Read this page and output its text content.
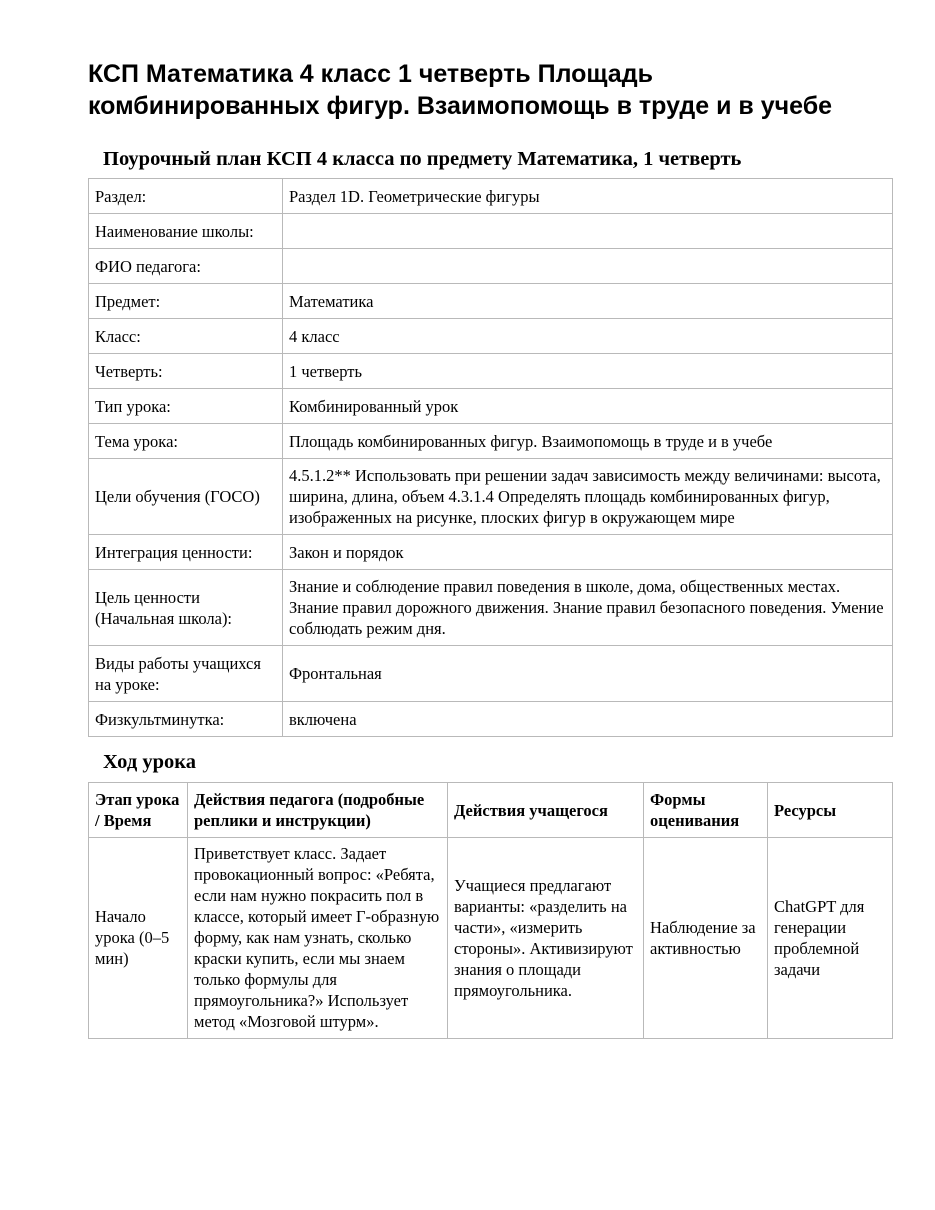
КСП Математика 4 класс 1 четверть Площадь комбинированных фигур. Взаимопомощь в труде и в учебе
Поурочный план КСП 4 класса по предмету Математика, 1 четверть
Раздел:	Раздел 1D. Геометрические фигуры
Наименование школы:	
ФИО педагога:	
Предмет:	Математика
Класс:	4 класс
Четверть:	1 четверть
Тип урока:	Комбинированный урок
Тема урока:	Площадь комбинированных фигур. Взаимопомощь в труде и в учебе
Цели обучения (ГОСО)	4.5.1.2** Использовать при решении задач зависимость между величинами: высота, ширина, длина, объем 4.3.1.4 Определять площадь комбинированных фигур, изображенных на рисунке, плоских фигур в окружающем мире
Интеграция ценности:	Закон и порядок
Цель ценности (Начальная школа):	Знание и соблюдение правил поведения в школе, дома, общественных местах. Знание правил дорожного движения. Знание правил безопасного поведения. Умение соблюдать режим дня.
Виды работы учащихся на уроке:	Фронтальная
Физкультминутка:	включена
Ход урока
Этап урока / Время	Действия педагога (подробные реплики и инструкции)	Действия учащегося	Формы оценивания	Ресурсы
Начало урока (0–5 мин)	Приветствует класс. Задает провокационный вопрос: «Ребята, если нам нужно покрасить пол в классе, который имеет Г-образную форму, как нам узнать, сколько краски купить, если мы знаем только формулы для прямоугольника?» Использует метод «Мозговой штурм».	Учащиеся предлагают варианты: «разделить на части», «измерить стороны». Активизируют знания о площади прямоугольника.	Наблюдение за активностью	ChatGPT для генерации проблемной задачи
